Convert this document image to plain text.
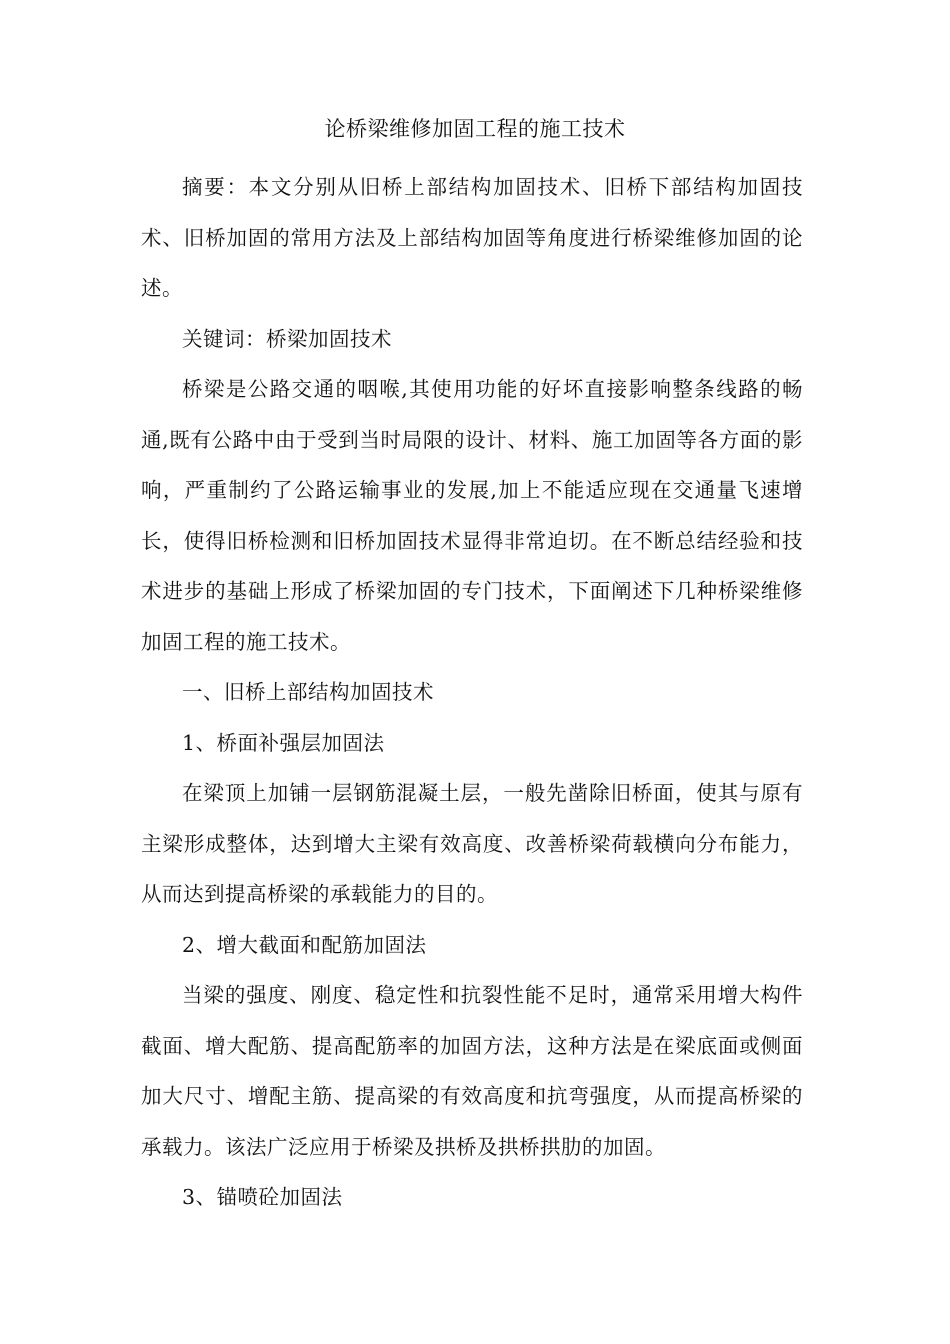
论桥梁维修加固工程的施工技术

摘要：本文分别从旧桥上部结构加固技术、旧桥下部结构加固技术、旧桥加固的常用方法及上部结构加固等角度进行桥梁维修加固的论述。

关键词：桥梁加固技术

桥梁是公路交通的咽喉,其使用功能的好坏直接影响整条线路的畅通,既有公路中由于受到当时局限的设计、材料、施工加固等各方面的影响，严重制约了公路运输事业的发展,加上不能适应现在交通量飞速增长，使得旧桥检测和旧桥加固技术显得非常迫切。在不断总结经验和技术进步的基础上形成了桥梁加固的专门技术，下面阐述下几种桥梁维修加固工程的施工技术。

一、旧桥上部结构加固技术

1、桥面补强层加固法

在梁顶上加铺一层钢筋混凝土层，一般先凿除旧桥面，使其与原有主梁形成整体，达到增大主梁有效高度、改善桥梁荷载横向分布能力，从而达到提高桥梁的承载能力的目的。

2、增大截面和配筋加固法

当梁的强度、刚度、稳定性和抗裂性能不足时，通常采用增大构件截面、增大配筋、提高配筋率的加固方法，这种方法是在梁底面或侧面加大尺寸、增配主筋、提高梁的有效高度和抗弯强度，从而提高桥梁的承载力。该法广泛应用于桥梁及拱桥及拱桥拱肋的加固。

3、锚喷砼加固法
